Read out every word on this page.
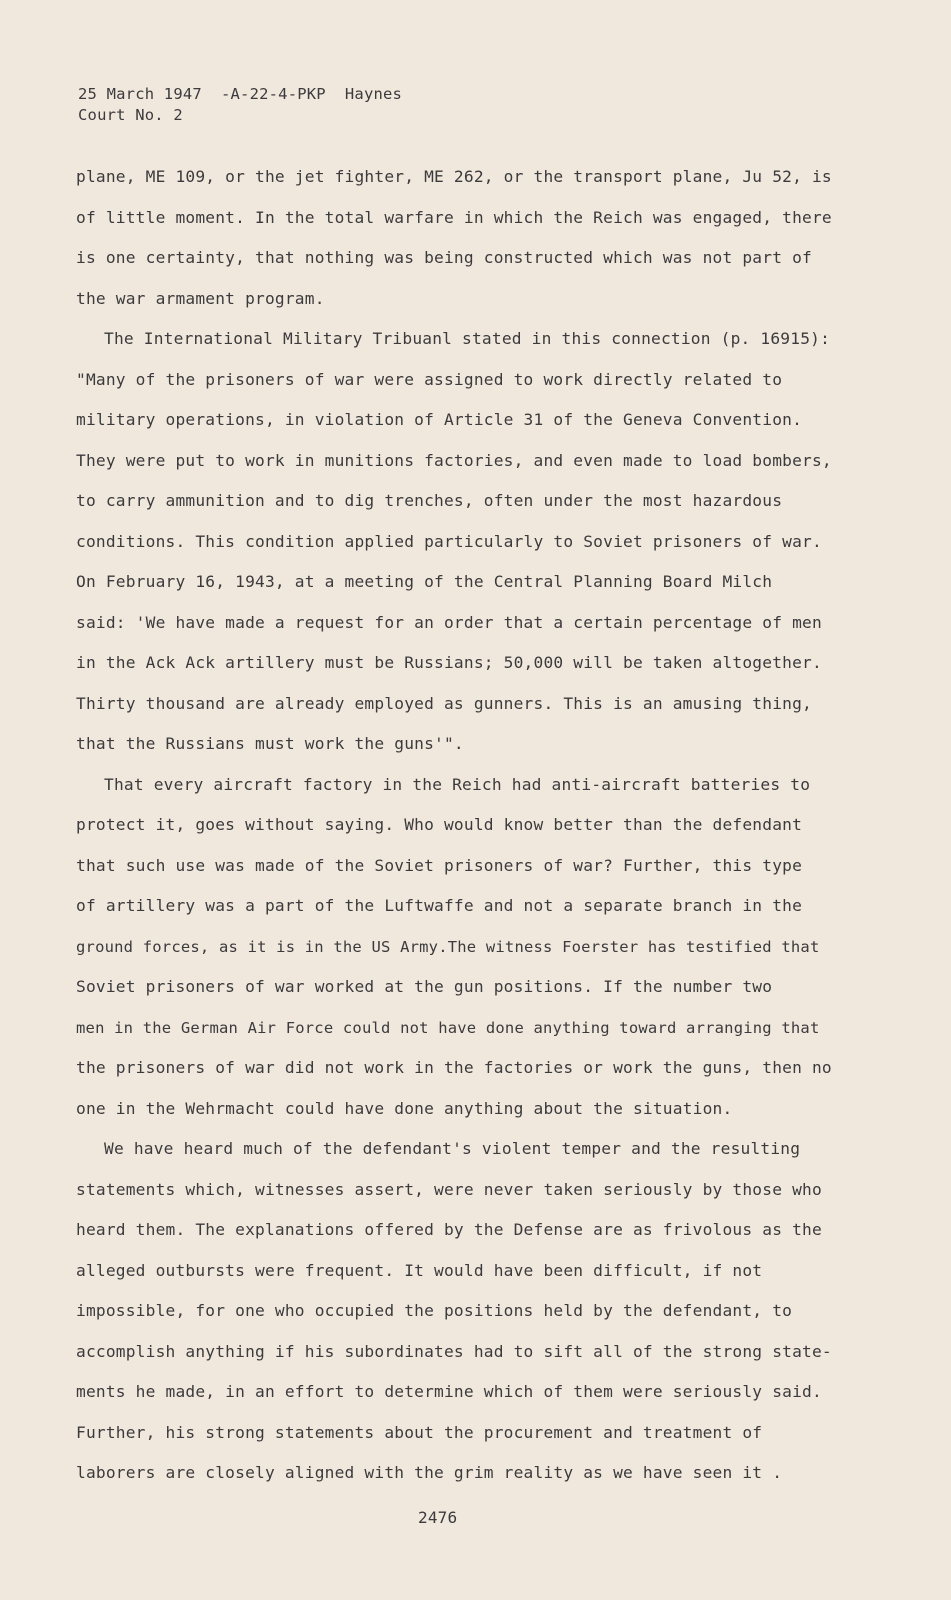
25 March 1947  -A-22-4-PKP  Haynes
Court No. 2
plane, ME 109, or the jet fighter, ME 262, or the transport plane, Ju 52, is
of little moment. In the total warfare in which the Reich was engaged, there
is one certainty, that nothing was being constructed which was not part of
the war armament program.
The International Military Tribuanl stated in this connection (p. 16915):
"Many of the prisoners of war were assigned to work directly related to
military operations, in violation of Article 31 of the Geneva Convention.
They were put to work in munitions factories, and even made to load bombers,
to carry ammunition and to dig trenches, often under the most hazardous
conditions. This condition applied particularly to Soviet prisoners of war.
On February 16, 1943, at a meeting of the Central Planning Board Milch
said: 'We have made a request for an order that a certain percentage of men
in the Ack Ack artillery must be Russians; 50,000 will be taken altogether.
Thirty thousand are already employed as gunners. This is an amusing thing,
that the Russians must work the guns'".
That every aircraft factory in the Reich had anti-aircraft batteries to
protect it, goes without saying. Who would know better than the defendant
that such use was made of the Soviet prisoners of war? Further, this type
of artillery was a part of the Luftwaffe and not a separate branch in the
ground forces, as it is in the US Army.The witness Foerster has testified that
Soviet prisoners of war worked at the gun positions. If the number two
men in the German Air Force could not have done anything toward arranging that
the prisoners of war did not work in the factories or work the guns, then no
one in the Wehrmacht could have done anything about the situation.
We have heard much of the defendant's violent temper and the resulting
statements which, witnesses assert, were never taken seriously by those who
heard them. The explanations offered by the Defense are as frivolous as the
alleged outbursts were frequent. It would have been difficult, if not
impossible, for one who occupied the positions held by the defendant, to
accomplish anything if his subordinates had to sift all of the strong state-
ments he made, in an effort to determine which of them were seriously said.
Further, his strong statements about the procurement and treatment of
laborers are closely aligned with the grim reality as we have seen it .
2476
